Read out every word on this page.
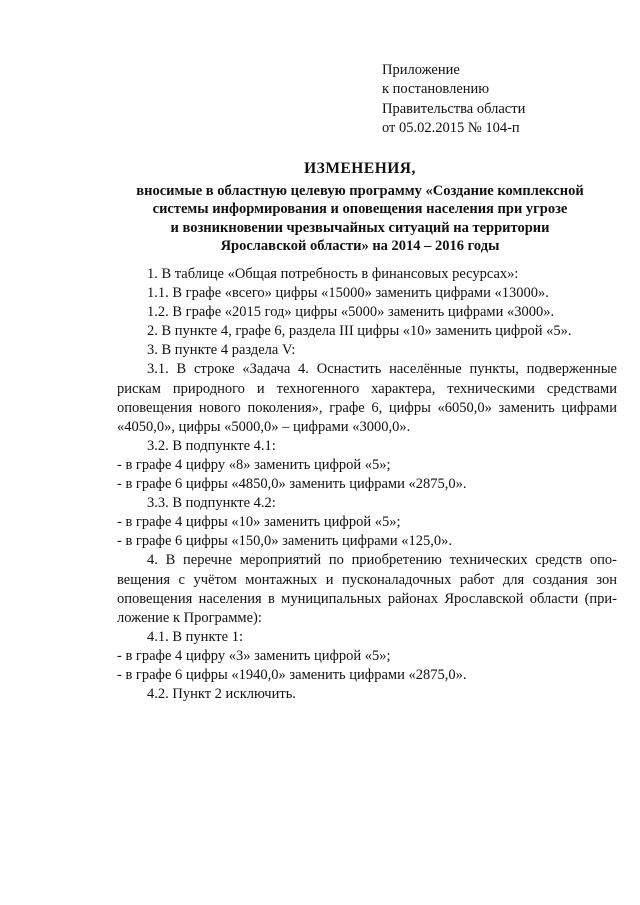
Приложение
к постановлению
Правительства области
от 05.02.2015 № 104-п
ИЗМЕНЕНИЯ,
вносимые в областную целевую программу «Создание комплексной
системы информирования и оповещения населения при угрозе
и возникновении чрезвычайных ситуаций на территории
Ярославской области» на 2014 – 2016 годы
1. В таблице «Общая потребность в финансовых ресурсах»:
1.1. В графе «всего» цифры «15000» заменить цифрами «13000».
1.2. В графе «2015 год» цифры «5000» заменить цифрами «3000».
2. В пункте 4, графе 6, раздела III цифры «10» заменить цифрой «5».
3. В пункте 4 раздела V:
3.1. В строке «Задача 4. Оснастить населённые пункты, подверженные
рискам природного и техногенного характера, техническими средствами
оповещения нового поколения», графе 6, цифры «6050,0» заменить цифрами
«4050,0», цифры «5000,0» – цифрами «3000,0».
3.2. В подпункте 4.1:
- в графе 4 цифру «8» заменить цифрой «5»;
- в графе 6 цифры «4850,0» заменить цифрами «2875,0».
3.3. В подпункте 4.2:
- в графе 4 цифры «10» заменить цифрой «5»;
- в графе 6 цифры «150,0» заменить цифрами «125,0».
4. В перечне мероприятий по приобретению технических средств опо-
вещения с учётом монтажных и пусконаладочных работ для создания зон
оповещения населения в муниципальных районах Ярославской области (при-
ложение к Программе):
4.1. В пункте 1:
- в графе 4 цифру «3» заменить цифрой «5»;
- в графе 6 цифры «1940,0» заменить цифрами «2875,0».
4.2. Пункт 2 исключить.
